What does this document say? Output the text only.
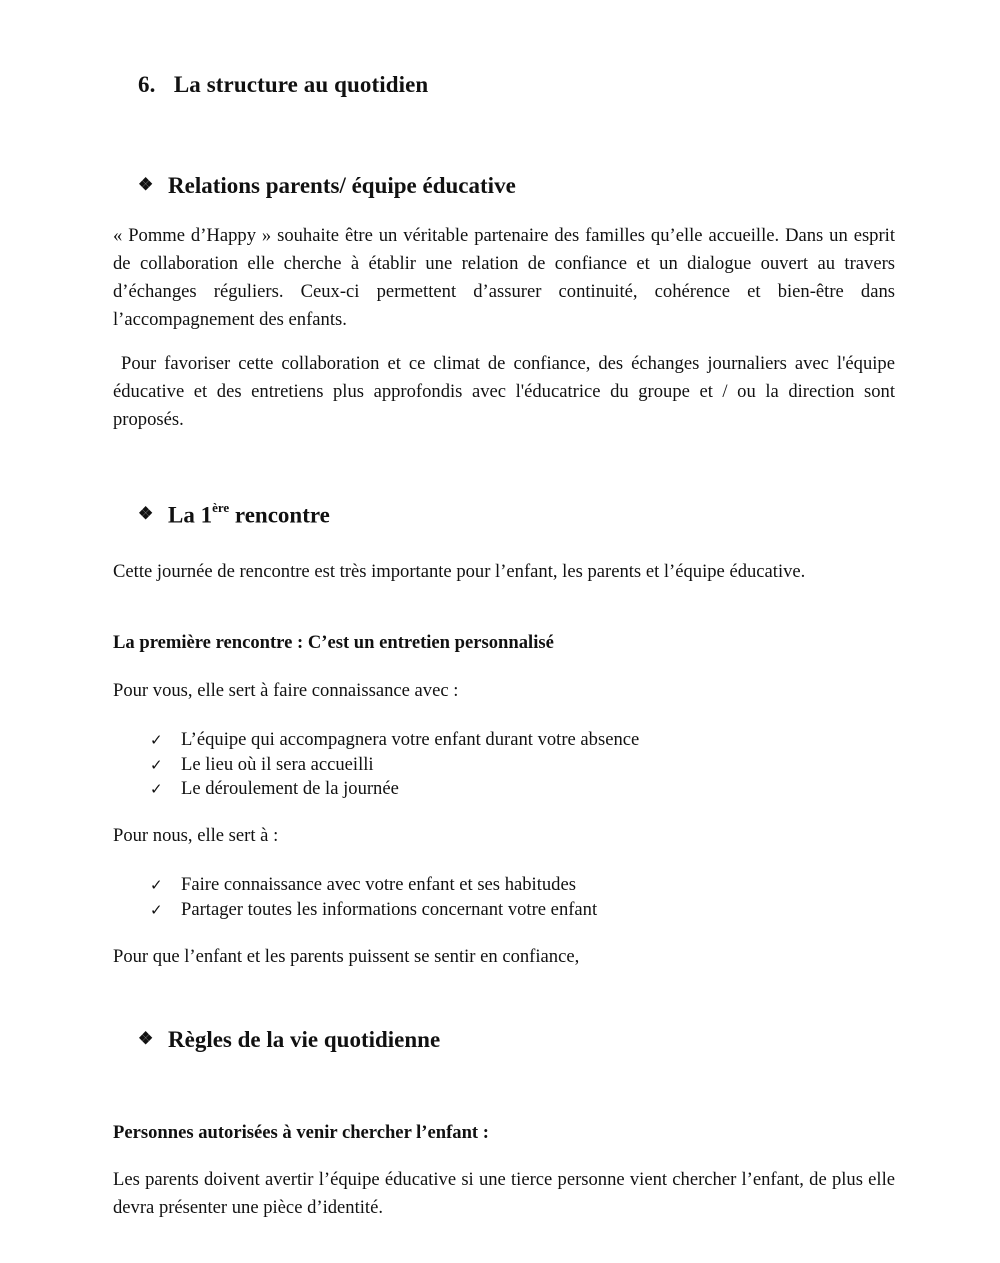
6. La structure au quotidien
❖ Relations parents/ équipe éducative

« Pomme d’Happy » souhaite être un véritable partenaire des familles qu’elle accueille. Dans un esprit de collaboration elle cherche à établir une relation de confiance et un dialogue ouvert au travers d’échanges réguliers. Ceux-ci permettent d’assurer continuité, cohérence et bien-être dans l’accompagnement des enfants.

Pour favoriser cette collaboration et ce climat de confiance, des échanges journaliers avec l'équipe éducative et des entretiens plus approfondis avec l'éducatrice du groupe et / ou la direction sont proposés.

❖ La 1ère rencontre

Cette journée de rencontre est très importante pour l’enfant, les parents et l’équipe éducative.

La première rencontre : C’est un entretien personnalisé
Pour vous, elle sert à faire connaissance avec :
✓ L’équipe qui accompagnera votre enfant durant votre absence
✓ Le lieu où il sera accueilli
✓ Le déroulement de la journée
Pour nous, elle sert à :
✓ Faire connaissance avec votre enfant et ses habitudes
✓ Partager toutes les informations concernant votre enfant
Pour que l’enfant et les parents puissent se sentir en confiance,
❖ Règles de la vie quotidienne
Personnes autorisées à venir chercher l’enfant :

Les parents doivent avertir l’équipe éducative si une tierce personne vient chercher l’enfant, de plus elle devra présenter une pièce d’identité.
